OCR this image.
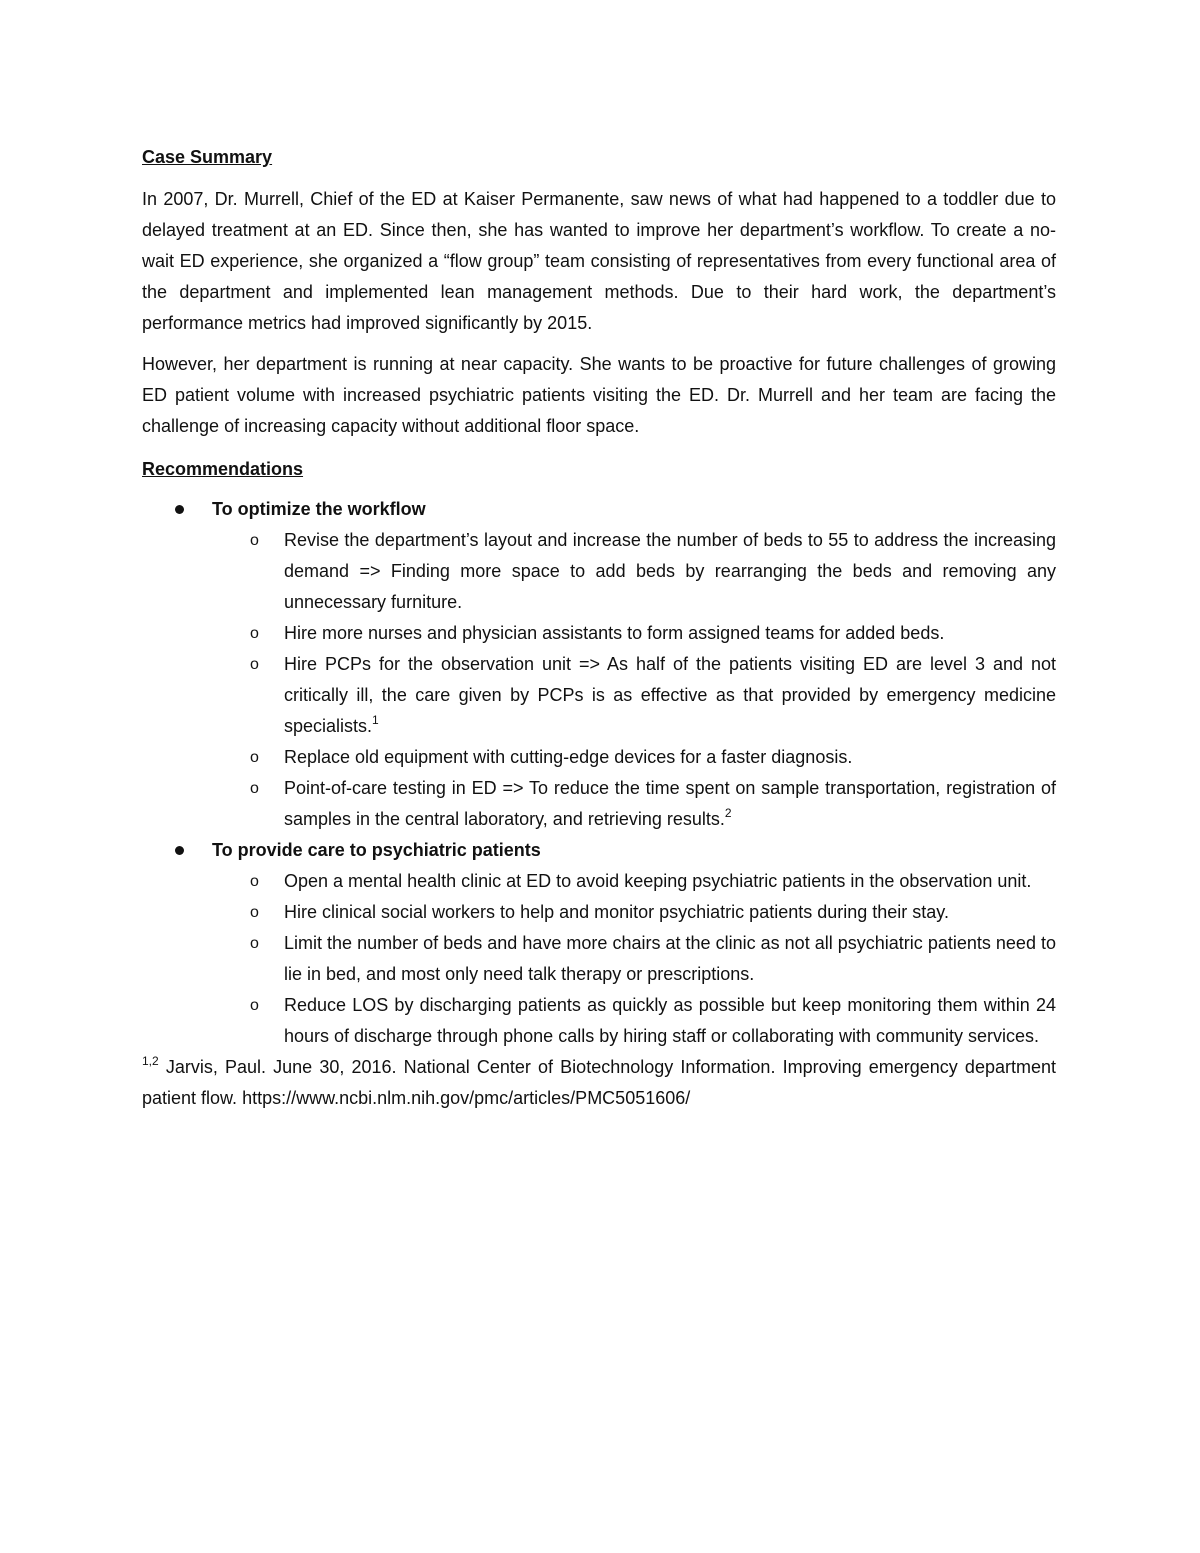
Case Summary

In 2007, Dr. Murrell, Chief of the ED at Kaiser Permanente, saw news of what had happened to a toddler due to delayed treatment at an ED. Since then, she has wanted to improve her department’s workflow. To create a no-wait ED experience, she organized a “flow group” team consisting of representatives from every functional area of the department and implemented lean management methods. Due to their hard work, the department’s performance metrics had improved significantly by 2015.

However, her department is running at near capacity. She wants to be proactive for future challenges of growing ED patient volume with increased psychiatric patients visiting the ED. Dr. Murrell and her team are facing the challenge of increasing capacity without additional floor space.

Recommendations
To optimize the workflow
o	Revise the department’s layout and increase the number of beds to 55 to address the increasing demand => Finding more space to add beds by rearranging the beds and removing any unnecessary furniture.
o	Hire more nurses and physician assistants to form assigned teams for added beds.
o	Hire PCPs for the observation unit => As half of the patients visiting ED are level 3 and not critically ill, the care given by PCPs is as effective as that provided by emergency medicine specialists.$^1$
o	Replace old equipment with cutting-edge devices for a faster diagnosis.
o	Point-of-care testing in ED => To reduce the time spent on sample transportation, registration of samples in the central laboratory, and retrieving results.$^2$
To provide care to psychiatric patients
o	Open a mental health clinic at ED to avoid keeping psychiatric patients in the observation unit.
o	Hire clinical social workers to help and monitor psychiatric patients during their stay.
o	Limit the number of beds and have more chairs at the clinic as not all psychiatric patients need to lie in bed, and most only need talk therapy or prescriptions.
o	Reduce LOS by discharging patients as quickly as possible but keep monitoring them within 24 hours of discharge through phone calls by hiring staff or collaborating with community services.

$^{1,2}$ Jarvis, Paul. June 30, 2016. National Center of Biotechnology Information. Improving emergency department patient flow. https://www.ncbi.nlm.nih.gov/pmc/articles/PMC5051606/
